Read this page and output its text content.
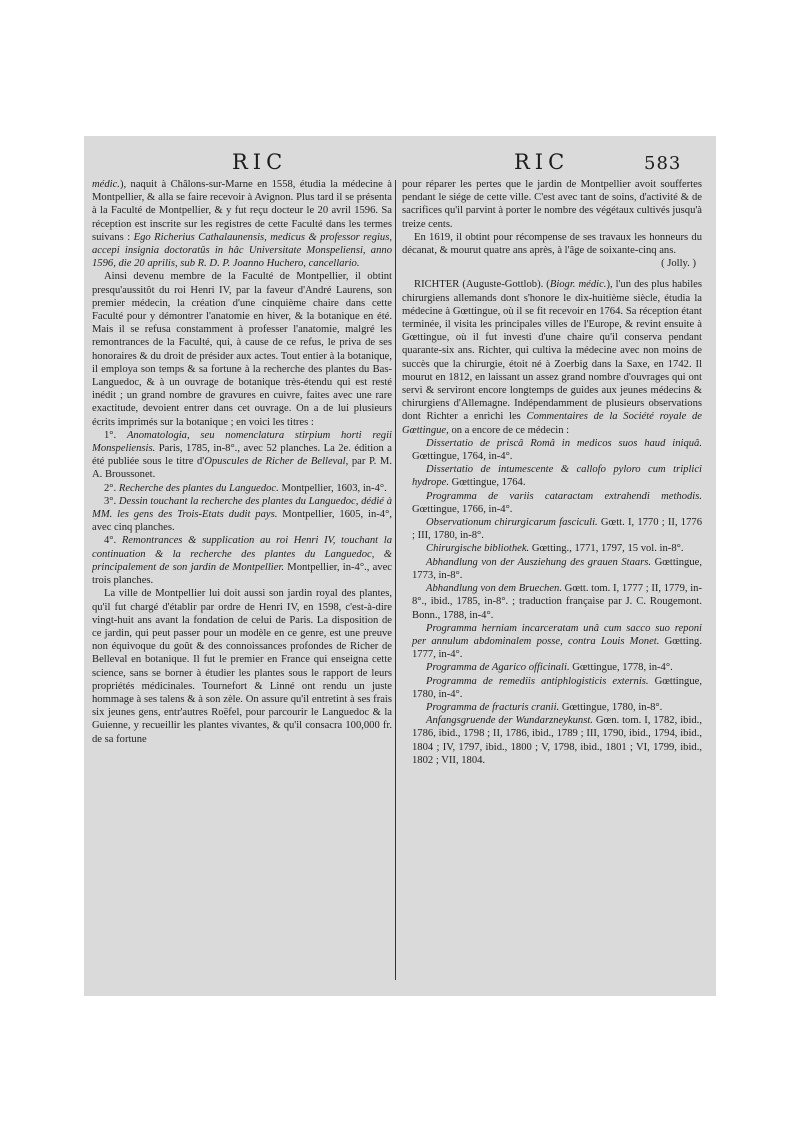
RIC	RIC	583

médic.), naquit à Châlons-sur-Marne en 1558, étudia la médecine à Montpellier, & alla se faire recevoir à Avignon. Plus tard il se présenta à la Faculté de Montpellier, & y fut reçu docteur le 20 avril 1596. Sa réception est inscrite sur les registres de cette Faculté dans les termes suivans : Ego Richerius Cathalaunensis, medicus & professor regius, accepi insignia doctoratûs in hâc Universitate Monspeliensi, anno 1596, die 20 aprilis, sub R. D. P. Joanno Huchero, cancellario.

Ainsi devenu membre de la Faculté de Montpellier, il obtint presqu'aussitôt du roi Henri IV, par la faveur d'André Laurens, son premier médecin, la création d'une cinquième chaire dans cette Faculté pour y démontrer l'anatomie en hiver, & la botanique en été. Mais il se refusa constamment à professer l'anatomie, malgré les remontrances de la Faculté, qui, à cause de ce refus, le priva de ses honoraires & du droit de présider aux actes. Tout entier à la botanique, il employa son temps & sa fortune à la recherche des plantes du Bas-Languedoc, & à un ouvrage de botanique très-étendu qui est resté inédit ; un grand nombre de gravures en cuivre, faites avec une rare exactitude, devoient entrer dans cet ouvrage. On a de lui plusieurs écrits imprimés sur la botanique ; en voici les titres :

1°. Anomatologia, seu nomenclatura stirpium horti regii Monspeliensis. Paris, 1785, in-8°., avec 52 planches. La 2e. édition a été publiée sous le titre d'Opuscules de Richer de Belleval, par P. M. A. Broussonet.

2°. Recherche des plantes du Languedoc. Montpellier, 1603, in-4°.

3°. Dessin touchant la recherche des plantes du Languedoc, dédié à MM. les gens des Trois-Etats dudit pays. Montpellier, 1605, in-4°, avec cinq planches.

4°. Remontrances & supplication au roi Henri IV, touchant la continuation & la recherche des plantes du Languedoc, & principalement de son jardin de Montpellier. Montpellier, in-4°., avec trois planches.

La ville de Montpellier lui doit aussi son jardin royal des plantes, qu'il fut chargé d'établir par ordre de Henri IV, en 1598, c'est-à-dire vingt-huit ans avant la fondation de celui de Paris. La disposition de ce jardin, qui peut passer pour un modèle en ce genre, est une preuve non équivoque du goût & des connoissances profondes de Richer de Belleval en botanique. Il fut le premier en France qui enseigna cette science, sans se borner à étudier les plantes sous le rapport de leurs propriétés médicinales. Tournefort & Linné ont rendu un juste hommage à ses talens & à son zèle. On assure qu'il entretint à ses frais six jeunes gens, entr'autres Roëfel, pour parcourir le Languedoc & la Guienne, y recueillir les plantes vivantes, & qu'il consacra 100,000 fr. de sa fortune

pour réparer les pertes que le jardin de Montpellier avoit souffertes pendant le siége de cette ville. C'est avec tant de soins, d'activité & de sacrifices qu'il parvint à porter le nombre des végétaux cultivés jusqu'à treize cents.

En 1619, il obtint pour récompense de ses travaux les honneurs du décanat, & mourut quatre ans après, à l'âge de soixante-cinq ans.

( Jolly. )

RICHTER (Auguste-Gottlob). (Biogr. médic.), l'un des plus habiles chirurgiens allemands dont s'honore le dix-huitième siècle, étudia la médecine à Gœttingue, où il se fit recevoir en 1764. Sa réception étant terminée, il visita les principales villes de l'Europe, & revint ensuite à Gœttingue, où il fut investi d'une chaire qu'il conserva pendant quarante-six ans. Richter, qui cultiva la médecine avec non moins de succès que la chirurgie, étoit né à Zoerbig dans la Saxe, en 1742. Il mourut en 1812, en laissant un assez grand nombre d'ouvrages qui ont servi & serviront encore longtemps de guides aux jeunes médecins & chirurgiens d'Allemagne. Indépendamment de plusieurs observations dont Richter a enrichi les Commentaires de la Société royale de Gœttingue, on a encore de ce médecin :

Dissertatio de priscâ Româ in medicos suos haud iniquâ. Gœttingue, 1764, in-4°.

Dissertatio de intumescente & callofo pyloro cum triplici hydrope. Gœttingue, 1764.

Programma de variis cataractam extrahendi methodis. Gœttingue, 1766, in-4°.

Observationum chirurgicarum fasciculi. Gœtt. I, 1770 ; II, 1776 ; III, 1780, in-8°.

Chirurgische bibliothek. Gœtting., 1771, 1797, 15 vol. in-8°.

Abhandlung von der Ausziehung des grauen Staars. Gœttingue, 1773, in-8°.

Abhandlung von dem Bruechen. Gœtt. tom. I, 1777 ; II, 1779, in-8°., ibid., 1785, in-8°. ; traduction française par J. C. Rougemont. Bonn., 1788, in-4°.

Programma herniam incarceratam unâ cum sacco suo reponi per annulum abdominalem posse, contra Louis Monet. Gœtting. 1777, in-4°.

Programma de Agarico officinali. Gœttingue, 1778, in-4°.

Programma de remediis antiphlogisticis externis. Gœttingue, 1780, in-4°.

Programma de fracturis cranii. Gœttingue, 1780, in-8°.

Anfangsgruende der Wundarzneykunst. Gœn. tom. I, 1782, ibid., 1786, ibid., 1798 ; II, 1786, ibid., 1789 ; III, 1790, ibid., 1794, ibid., 1804 ; IV, 1797, ibid., 1800 ; V, 1798, ibid., 1801 ; VI, 1799, ibid., 1802 ; VII, 1804.
